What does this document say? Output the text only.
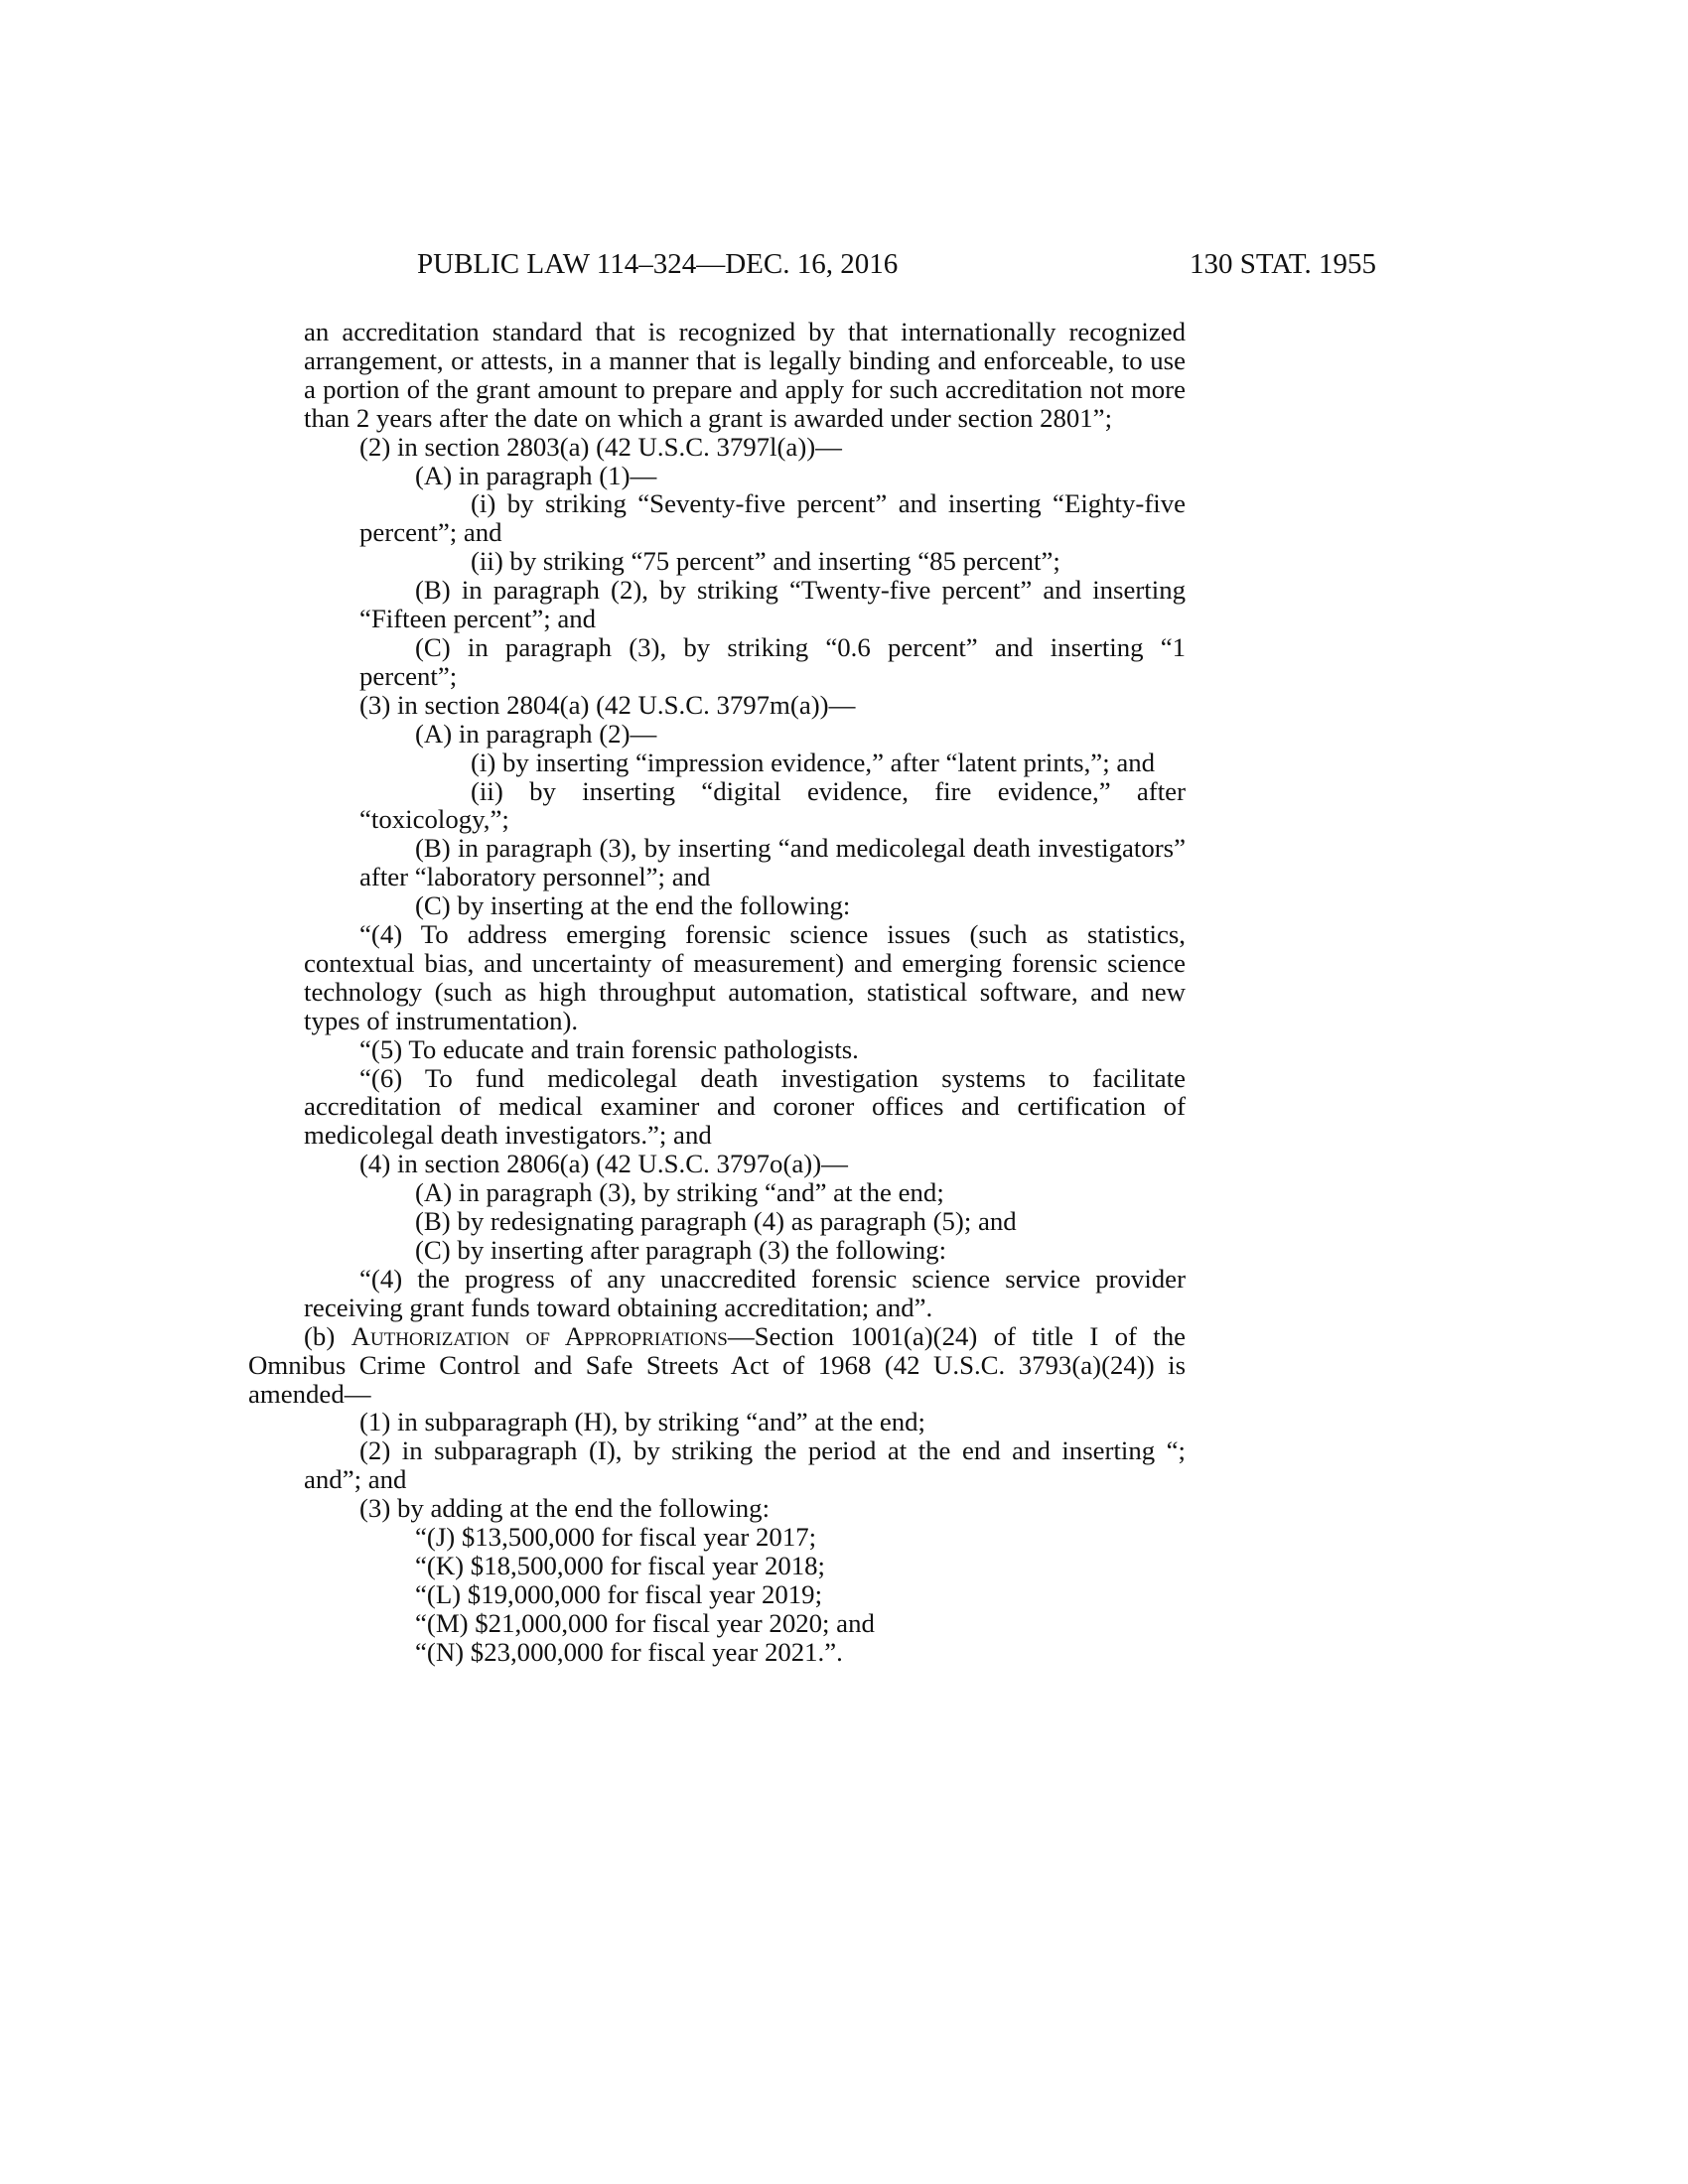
PUBLIC LAW 114–324—DEC. 16, 2016	130 STAT. 1955

an accreditation standard that is recognized by that internationally recognized arrangement, or attests, in a manner that is legally binding and enforceable, to use a portion of the grant amount to prepare and apply for such accreditation not more than 2 years after the date on which a grant is awarded under section 2801”;

(2) in section 2803(a) (42 U.S.C. 3797l(a))—

(A) in paragraph (1)—

(i) by striking “Seventy-five percent” and inserting “Eighty-five percent”; and

(ii) by striking “75 percent” and inserting “85 percent”;

(B) in paragraph (2), by striking “Twenty-five percent” and inserting “Fifteen percent”; and

(C) in paragraph (3), by striking “0.6 percent” and inserting “1 percent”;

(3) in section 2804(a) (42 U.S.C. 3797m(a))—

(A) in paragraph (2)—

(i) by inserting “impression evidence,” after “latent prints,”; and

(ii) by inserting “digital evidence, fire evidence,” after “toxicology,”;

(B) in paragraph (3), by inserting “and medicolegal death investigators” after “laboratory personnel”; and

(C) by inserting at the end the following:

“(4) To address emerging forensic science issues (such as statistics, contextual bias, and uncertainty of measurement) and emerging forensic science technology (such as high throughput automation, statistical software, and new types of instrumentation).

“(5) To educate and train forensic pathologists.

“(6) To fund medicolegal death investigation systems to facilitate accreditation of medical examiner and coroner offices and certification of medicolegal death investigators.”; and

(4) in section 2806(a) (42 U.S.C. 3797o(a))—

(A) in paragraph (3), by striking “and” at the end;

(B) by redesignating paragraph (4) as paragraph (5); and

(C) by inserting after paragraph (3) the following:

“(4) the progress of any unaccredited forensic science service provider receiving grant funds toward obtaining accreditation; and”.

(b) Authorization of Appropriations—Section 1001(a)(24) of title I of the Omnibus Crime Control and Safe Streets Act of 1968 (42 U.S.C. 3793(a)(24)) is amended—

(1) in subparagraph (H), by striking “and” at the end;

(2) in subparagraph (I), by striking the period at the end and inserting “; and”; and

(3) by adding at the end the following:

“(J) $13,500,000 for fiscal year 2017;

“(K) $18,500,000 for fiscal year 2018;

“(L) $19,000,000 for fiscal year 2019;

“(M) $21,000,000 for fiscal year 2020; and

“(N) $23,000,000 for fiscal year 2021.”.
